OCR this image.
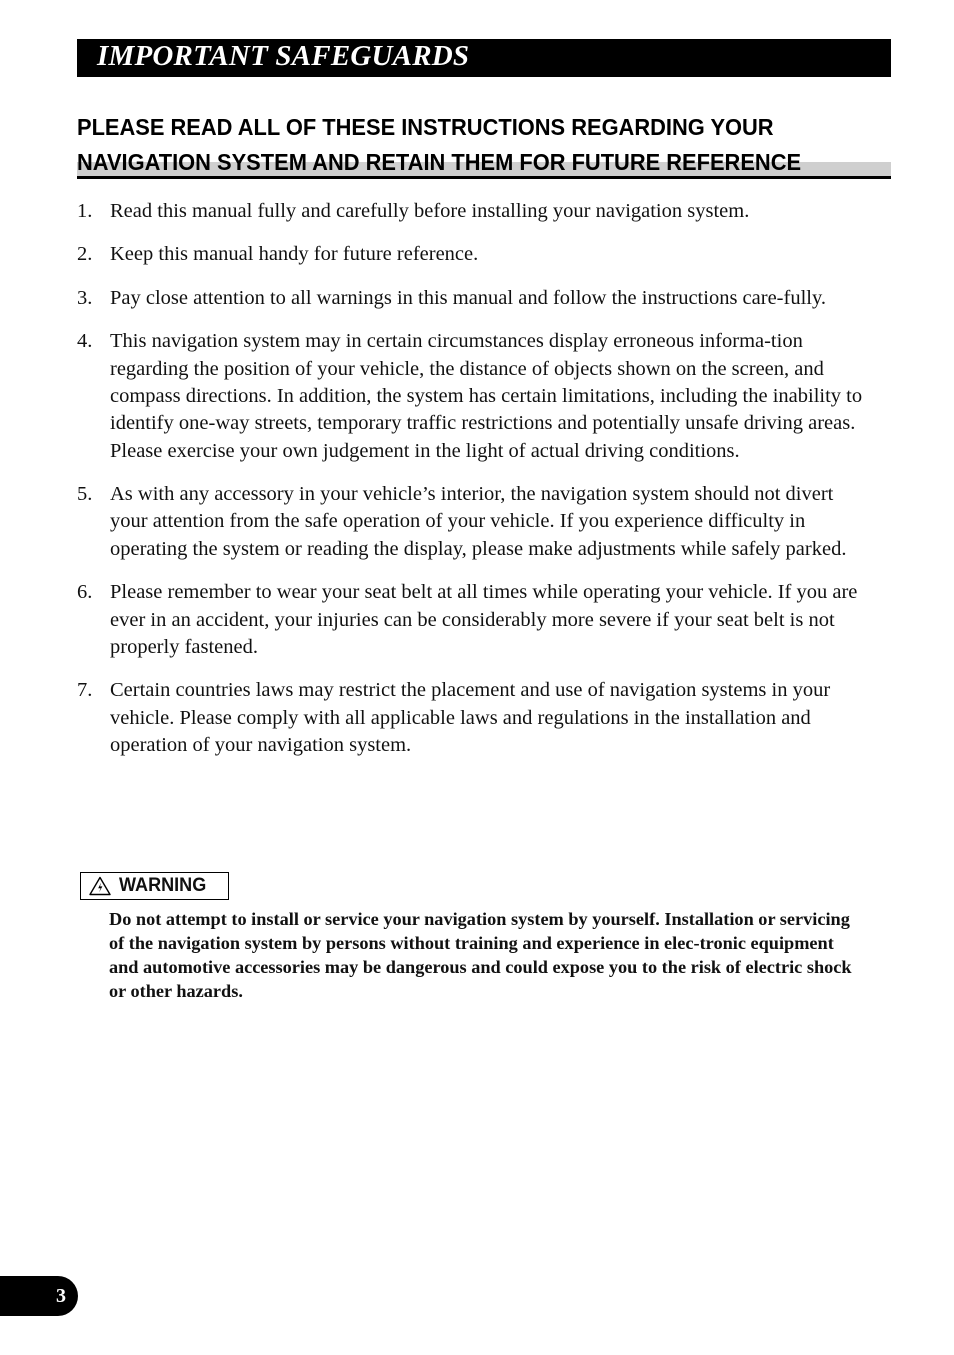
IMPORTANT SAFEGUARDS
PLEASE READ ALL OF THESE INSTRUCTIONS REGARDING YOUR
NAVIGATION SYSTEM AND RETAIN THEM FOR FUTURE REFERENCE
1. Read this manual fully and carefully before installing your navigation system.
2. Keep this manual handy for future reference.
3. Pay close attention to all warnings in this manual and follow the instructions care-fully.
4. This navigation system may in certain circumstances display erroneous informa-tion regarding the position of your vehicle, the distance of objects shown on the screen, and compass directions. In addition, the system has certain limitations, including the inability to identify one-way streets, temporary traffic restrictions and potentially unsafe driving areas. Please exercise your own judgement in the light of actual driving conditions.
5. As with any accessory in your vehicle’s interior, the navigation system should not divert your attention from the safe operation of your vehicle. If you experience difficulty in operating the system or reading the display, please make adjustments while safely parked.
6. Please remember to wear your seat belt at all times while operating your vehicle. If you are ever in an accident, your injuries can be considerably more severe if your seat belt is not properly fastened.
7. Certain countries laws may restrict the placement and use of navigation systems in your vehicle. Please comply with all applicable laws and regulations in the installation and operation of your navigation system.
WARNING

Do not attempt to install or service your navigation system by yourself. Installation or servicing of the navigation system by persons without training and experience in elec-tronic equipment and automotive accessories may be dangerous and could expose you to the risk of electric shock or other hazards.

3
